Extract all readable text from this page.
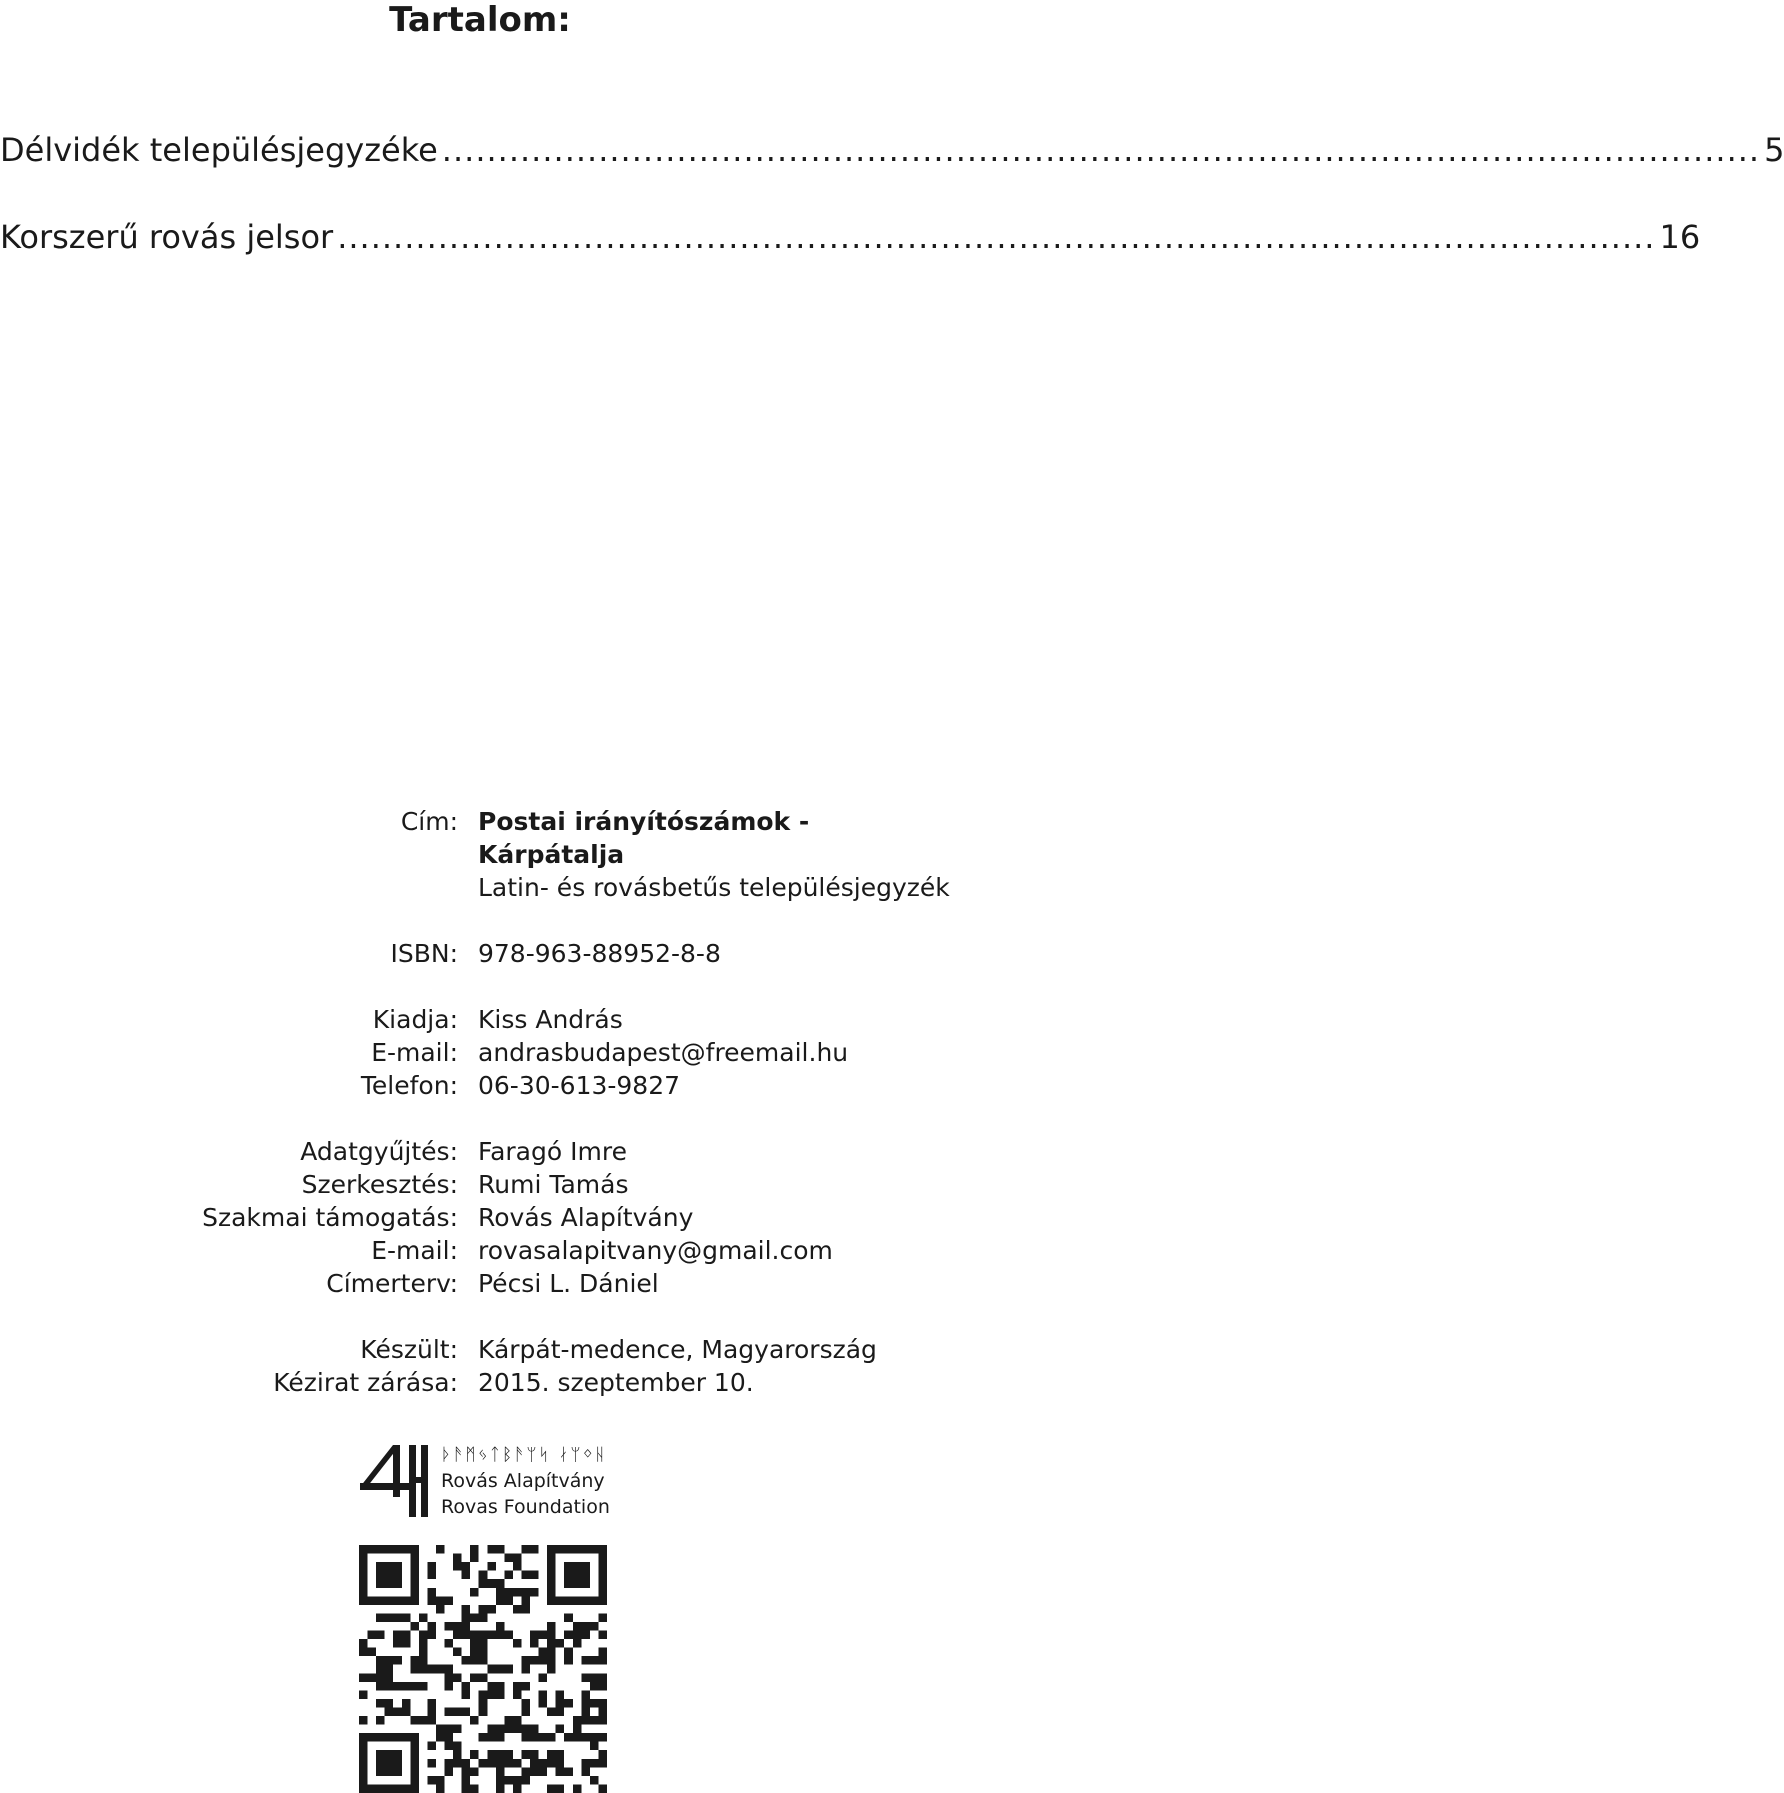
Tartalom:
Délvidék településjegyzéke ...................................................................................................................... 5
Korszerű rovás jelsor ...................................................................................................................... 16
Cím: Postai irányítószámok -
Kárpátalja
Latin- és rovásbetűs településjegyzék
ISBN: 978-963-88952-8-8
Kiadja: Kiss András
E-mail: andrasbudapest@freemail.hu
Telefon: 06-30-613-9827
Adatgyűjtés: Faragó Imre
Szerkesztés: Rumi Tamás
Szakmai támogatás: Rovás Alapítvány
E-mail: rovasalapitvany@gmail.com
Címerterv: Pécsi L. Dániel
Készült: Kárpát-medence, Magyarország
Kézirat zárása: 2015. szeptember 10.
ᚦᚫᛗᛃᛏᛒᚫᛘᛋ ᛅᛘᛜᚺ
Rovás Alapítvány
Rovas Foundation
